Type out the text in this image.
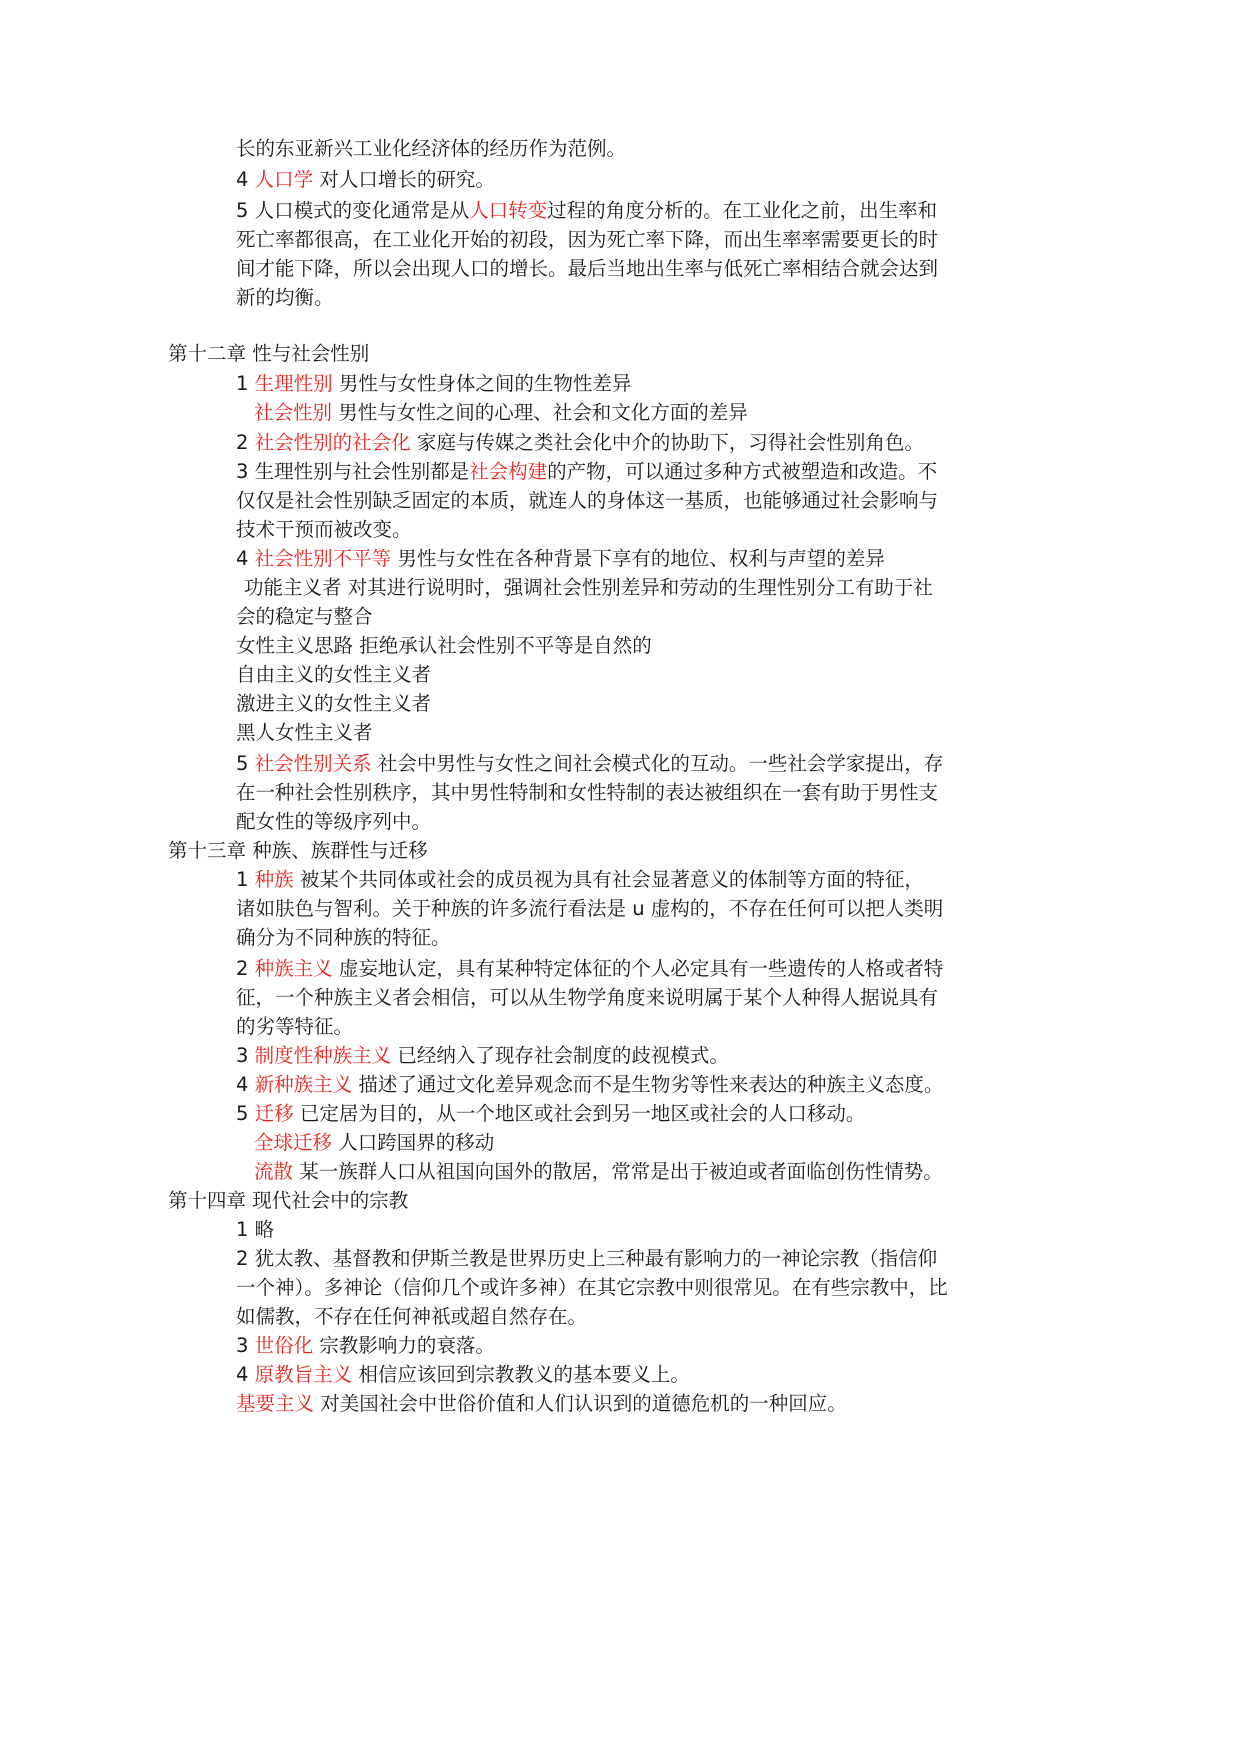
长的东亚新兴工业化经济体的经历作为范例。
4 人口学 对人口增长的研究。
5 人口模式的变化通常是从人口转变过程的角度分析的。在工业化之前，出生率和
死亡率都很高，在工业化开始的初段，因为死亡率下降，而出生率率需要更长的时
间才能下降，所以会出现人口的增长。最后当地出生率与低死亡率相结合就会达到
新的均衡。
第十二章 性与社会性别
1 生理性别 男性与女性身体之间的生物性差异
社会性别 男性与女性之间的心理、社会和文化方面的差异
2 社会性别的社会化 家庭与传媒之类社会化中介的协助下，习得社会性别角色。
3 生理性别与社会性别都是社会构建的产物，可以通过多种方式被塑造和改造。不
仅仅是社会性别缺乏固定的本质，就连人的身体这一基质，也能够通过社会影响与
技术干预而被改变。
4 社会性别不平等 男性与女性在各种背景下享有的地位、权利与声望的差异
功能主义者 对其进行说明时，强调社会性别差异和劳动的生理性别分工有助于社
会的稳定与整合
女性主义思路 拒绝承认社会性别不平等是自然的
自由主义的女性主义者
激进主义的女性主义者
黑人女性主义者
5 社会性别关系 社会中男性与女性之间社会模式化的互动。一些社会学家提出，存
在一种社会性别秩序，其中男性特制和女性特制的表达被组织在一套有助于男性支
配女性的等级序列中。
第十三章 种族、族群性与迁移
1 种族 被某个共同体或社会的成员视为具有社会显著意义的体制等方面的特征，
诸如肤色与智利。关于种族的许多流行看法是 u 虚构的，不存在任何可以把人类明
确分为不同种族的特征。
2 种族主义 虚妄地认定，具有某种特定体征的个人必定具有一些遗传的人格或者特
征，一个种族主义者会相信，可以从生物学角度来说明属于某个人种得人据说具有
的劣等特征。
3 制度性种族主义 已经纳入了现存社会制度的歧视模式。
4 新种族主义 描述了通过文化差异观念而不是生物劣等性来表达的种族主义态度。
5 迁移 已定居为目的，从一个地区或社会到另一地区或社会的人口移动。
全球迁移 人口跨国界的移动
流散 某一族群人口从祖国向国外的散居，常常是出于被迫或者面临创伤性情势。
第十四章 现代社会中的宗教
1 略
2 犹太教、基督教和伊斯兰教是世界历史上三种最有影响力的一神论宗教（指信仰
一个神）。多神论（信仰几个或许多神）在其它宗教中则很常见。在有些宗教中，比
如儒教，不存在任何神祇或超自然存在。
3 世俗化 宗教影响力的衰落。
4 原教旨主义 相信应该回到宗教教义的基本要义上。
基要主义 对美国社会中世俗价值和人们认识到的道德危机的一种回应。
